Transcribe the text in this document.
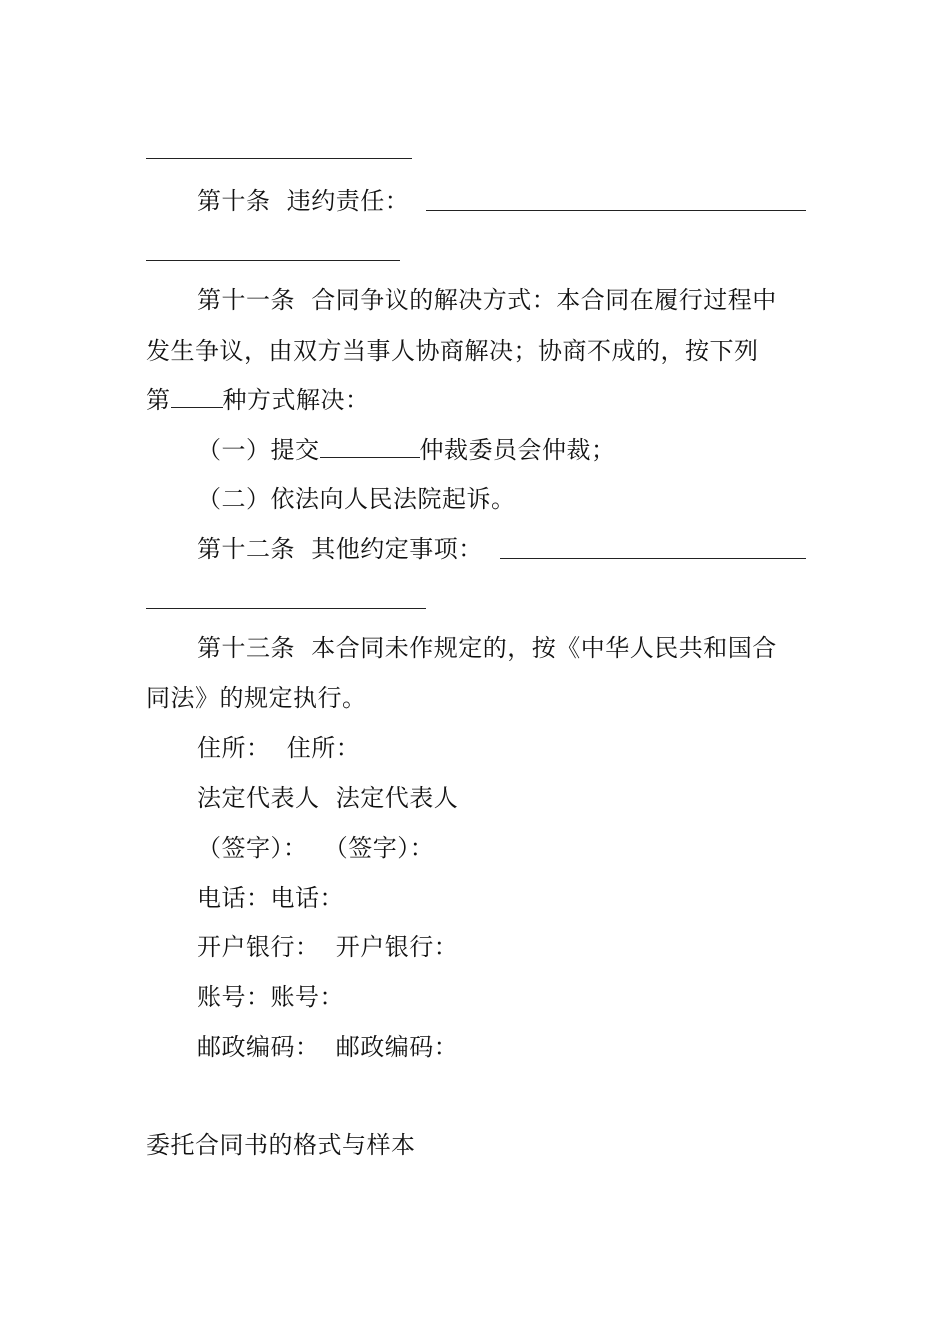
第十条 违约责任：
第十一条 合同争议的解决方式：本合同在履行过程中
发生争议，由双方当事人协商解决；协商不成的，按下列
第 种方式解决：
（一）提交	仲裁委员会仲裁；
（二）依法向人民法院起诉。
第十二条 其他约定事项：
第十三条 本合同未作规定的，按《中华人民共和国合
同法》的规定执行。
住所：  住所：
法定代表人  法定代表人
（签字）：  （签字）：
电话：电话：
开户银行：  开户银行：
账号：账号：
邮政编码：  邮政编码：
委托合同书的格式与样本
